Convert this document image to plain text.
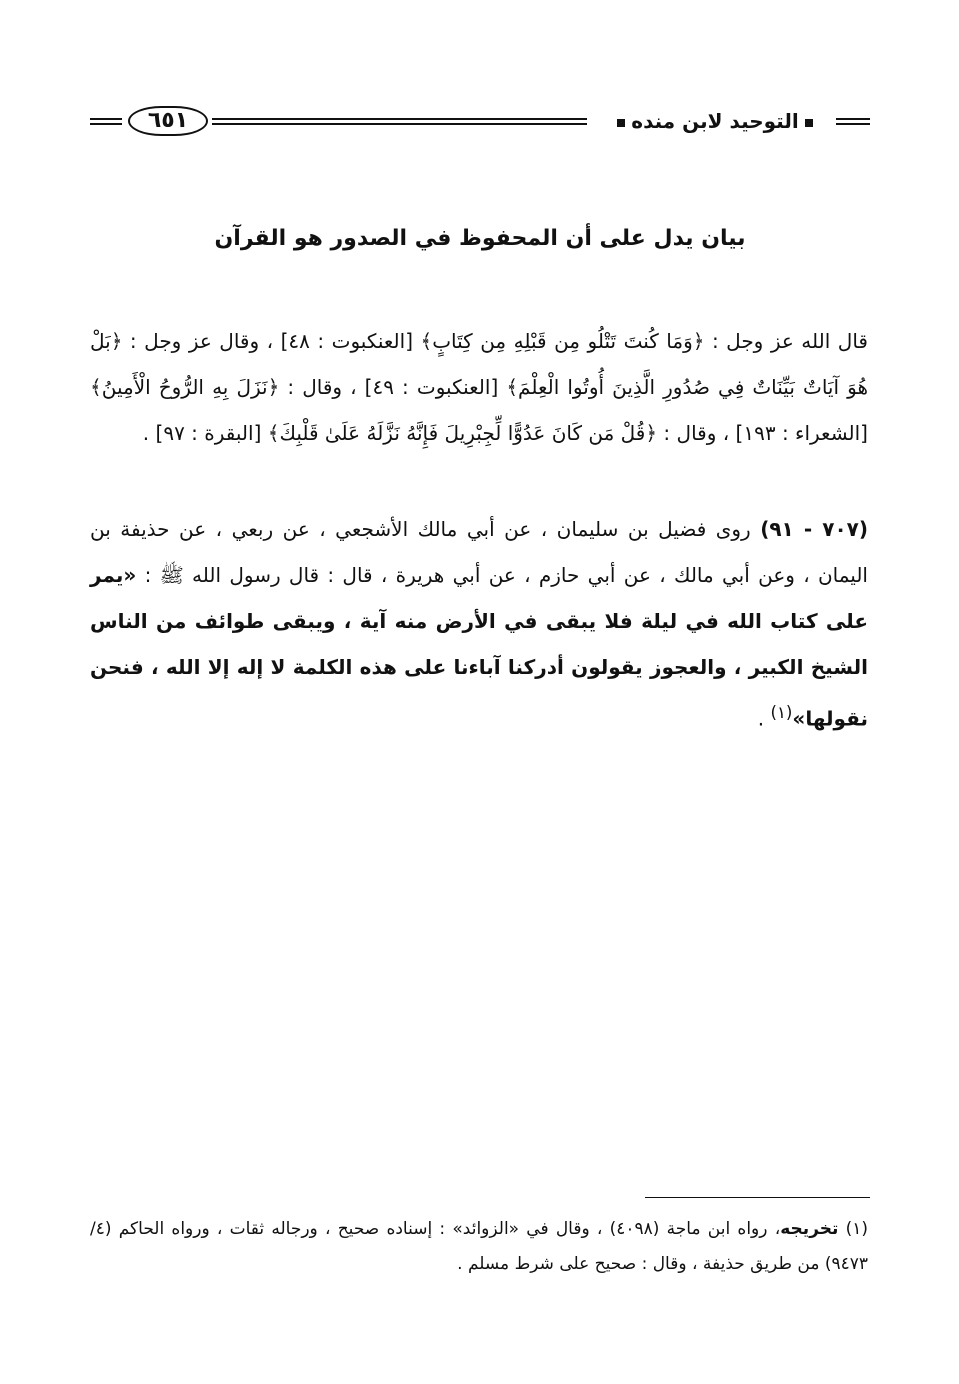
٦٥١	التوحيد لابن منده
بيان يدل على أن المحفوظ في الصدور هو القرآن
قال الله عز وجل : ﴿وَمَا كُنتَ تَتْلُو مِن قَبْلِهِ مِن كِتَابٍ﴾ [العنكبوت : ٤٨] ، وقال عز وجل : ﴿بَلْ هُوَ آيَاتٌ بَيِّنَاتٌ فِي صُدُورِ الَّذِينَ أُوتُوا الْعِلْمَ﴾ [العنكبوت : ٤٩] ، وقال : ﴿نَزَلَ بِهِ الرُّوحُ الْأَمِينُ﴾ [الشعراء : ١٩٣] ، وقال : ﴿قُلْ مَن كَانَ عَدُوًّا لِّجِبْرِيلَ فَإِنَّهُ نَزَّلَهُ عَلَىٰ قَلْبِكَ﴾ [البقرة : ٩٧] .
(٧٠٧ - ٩١) روى فضيل بن سليمان ، عن أبي مالك الأشجعي ، عن ربعي ، عن حذيفة بن اليمان ، وعن أبي مالك ، عن أبي حازم ، عن أبي هريرة ، قال : قال رسول الله ﷺ : «يمر على كتاب الله في ليلة فلا يبقى في الأرض منه آية ، ويبقى طوائف من الناس الشيخ الكبير ، والعجوز يقولون أدركنا آباءنا على هذه الكلمة لا إله إلا الله ، فنحن نقولها»$^{(١)}$ .
(١) تخريجه، رواه ابن ماجة (٤٠٩٨) ، وقال في «الزوائد» : إسناده صحيح ، ورجاله ثقات ، ورواه الحاكم (٤/ ٩٤٧٣) من طريق حذيفة ، وقال : صحيح على شرط مسلم .
